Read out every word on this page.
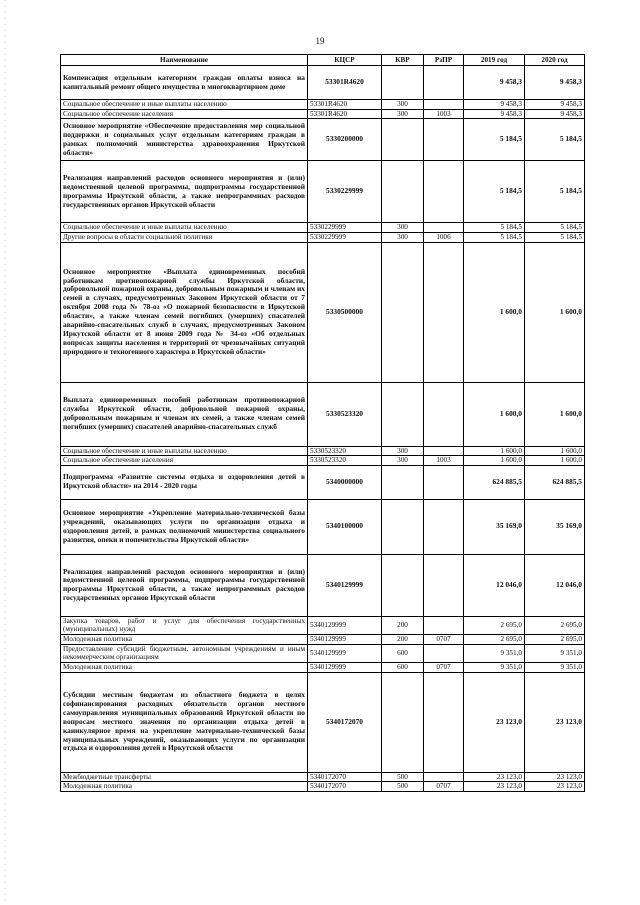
19
Наименование	КЦСР	КВР	РзПР	2019 год	2020 год
Компенсация отдельным категориям граждан оплаты взноса на капитальный ремонт общего имущества в многоквартирном доме	53301R4620			9 458,3	9 458,3
Социальное обеспечение и иные выплаты населению	53301R4620	300		9 458,3	9 458,3
Социальное обеспечение населения	53301R4620	300	1003	9 458,3	9 458,3
Основное мероприятие «Обеспечение предоставления мер социальной поддержки и социальных услуг отдельным категориям граждан в рамках полномочий министерства здравоохранения Иркутской области»	5330200000			5 184,5	5 184,5
Реализация направлений расходов основного мероприятия и (или) ведомственной целевой программы, подпрограммы государственной программы Иркутской области, а также непрограммных расходов государственных органов Иркутской области	5330229999			5 184,5	5 184,5
Социальное обеспечение и иные выплаты населению	5330229999	300		5 184,5	5 184,5
Другие вопросы в области социальной политики	5330229999	300	1006	5 184,5	5 184,5
Основное мероприятие «Выплата единовременных пособий работникам противопожарной службы Иркутской области, добровольной пожарной охраны, добровольным пожарным и членам их семей в случаях, предусмотренных Законом Иркутской области от 7 октября 2008 года № 78-оз «О пожарной безопасности в Иркутской области», а также членам семей погибших (умерших) спасателей аварийно-спасательных служб в случаях, предусмотренных Законом Иркутской области от 8 июня 2009 года № 34-оз «Об отдельных вопросах защиты населения и территорий от чрезвычайных ситуаций природного и техногенного характера в Иркутской области»	5330500000			1 600,0	1 600,0
Выплата единовременных пособий работникам противопожарной службы Иркутской области, добровольной пожарной охраны, добровольным пожарным и членам их семей, а также членам семей погибших (умерших) спасателей аварийно-спасательных служб	5330523320			1 600,0	1 600,0
Социальное обеспечение и иные выплаты населению	5330523320	300		1 600,0	1 600,0
Социальное обеспечение населения	5330523320	300	1003	1 600,0	1 600,0
Подпрограмма «Развитие системы отдыха и оздоровления детей в Иркутской области» на 2014 - 2020 годы	5340000000			624 885,5	624 885,5
Основное мероприятие «Укрепление материально-технической базы учреждений, оказывающих услуги по организации отдыха и оздоровления детей, в рамках полномочий министерства социального развития, опеки и попечительства Иркутской области»	5340100000			35 169,0	35 169,0
Реализация направлений расходов основного мероприятия и (или) ведомственной целевой программы, подпрограммы государственной программы Иркутской области, а также непрограммных расходов государственных органов Иркутской области	5340129999			12 046,0	12 046,0
Закупка товаров, работ и услуг для обеспечения государственных (муниципальных) нужд	5340129999	200		2 695,0	2 695,0
Молодежная политика	5340129999	200	0707	2 695,0	2 695,0
Предоставление субсидий бюджетным, автономным учреждениям и иным некоммерческим организациям	5340129999	600		9 351,0	9 351,0
Молодежная политика	5340129999	600	0707	9 351,0	9 351,0
Субсидии местным бюджетам из областного бюджета в целях софинансирования расходных обязательств органов местного самоуправления муниципальных образований Иркутской области по вопросам местного значения по организации отдыха детей в каникулярное время на укрепление материально-технической базы муниципальных учреждений, оказывающих услуги по организации отдыха и оздоровления детей в Иркутской области	5340172070			23 123,0	23 123,0
Межбюджетные трансферты	5340172070	500		23 123,0	23 123,0
Молодежная политика	5340172070	500	0707	23 123,0	23 123,0
